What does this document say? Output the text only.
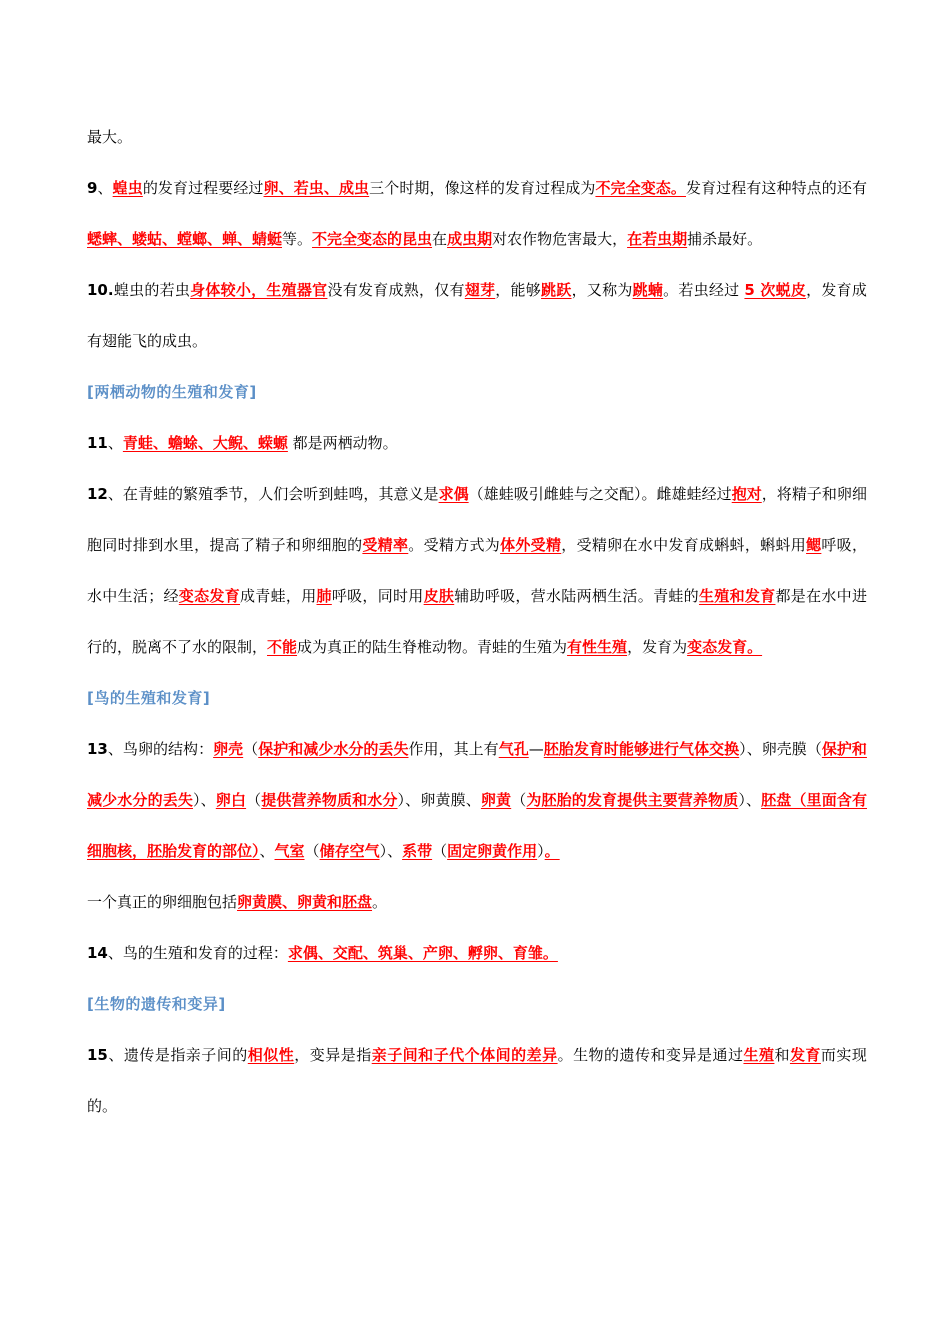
最大。

9、蝗虫的发育过程要经过卵、若虫、成虫三个时期，像这样的发育过程成为不完全变态。发育过程有这种特点的还有蟋蟀、蝼蛄、螳螂、蝉、蜻蜓等。不完全变态的昆虫在成虫期对农作物危害最大，在若虫期捕杀最好。

10.蝗虫的若虫身体较小，生殖器官没有发育成熟，仅有翅芽，能够跳跃，又称为跳蝻。若虫经过 5 次蜕皮，发育成有翅能飞的成虫。

[两栖动物的生殖和发育]

11、青蛙、蟾蜍、大鲵、蝾螈 都是两栖动物。

12、在青蛙的繁殖季节，人们会听到蛙鸣，其意义是求偶（雄蛙吸引雌蛙与之交配）。雌雄蛙经过抱对，将精子和卵细胞同时排到水里，提高了精子和卵细胞的受精率。受精方式为体外受精，受精卵在水中发育成蝌蚪，蝌蚪用鳃呼吸，水中生活；经变态发育成青蛙，用肺呼吸，同时用皮肤辅助呼吸，营水陆两栖生活。青蛙的生殖和发育都是在水中进行的，脱离不了水的限制，不能成为真正的陆生脊椎动物。青蛙的生殖为有性生殖，发育为变态发育。

[鸟的生殖和发育]

13、鸟卵的结构：卵壳（保护和减少水分的丢失作用，其上有气孔—胚胎发育时能够进行气体交换）、卵壳膜（保护和减少水分的丢失）、卵白（提供营养物质和水分）、卵黄膜、卵黄（为胚胎的发育提供主要营养物质）、胚盘（里面含有细胞核，胚胎发育的部位）、气室（储存空气）、系带（固定卵黄作用）。

一个真正的卵细胞包括卵黄膜、卵黄和胚盘。

14、鸟的生殖和发育的过程：求偶、交配、筑巢、产卵、孵卵、育雏。

[生物的遗传和变异]

15、遗传是指亲子间的相似性，变异是指亲子间和子代个体间的差异。生物的遗传和变异是通过生殖和发育而实现的。
